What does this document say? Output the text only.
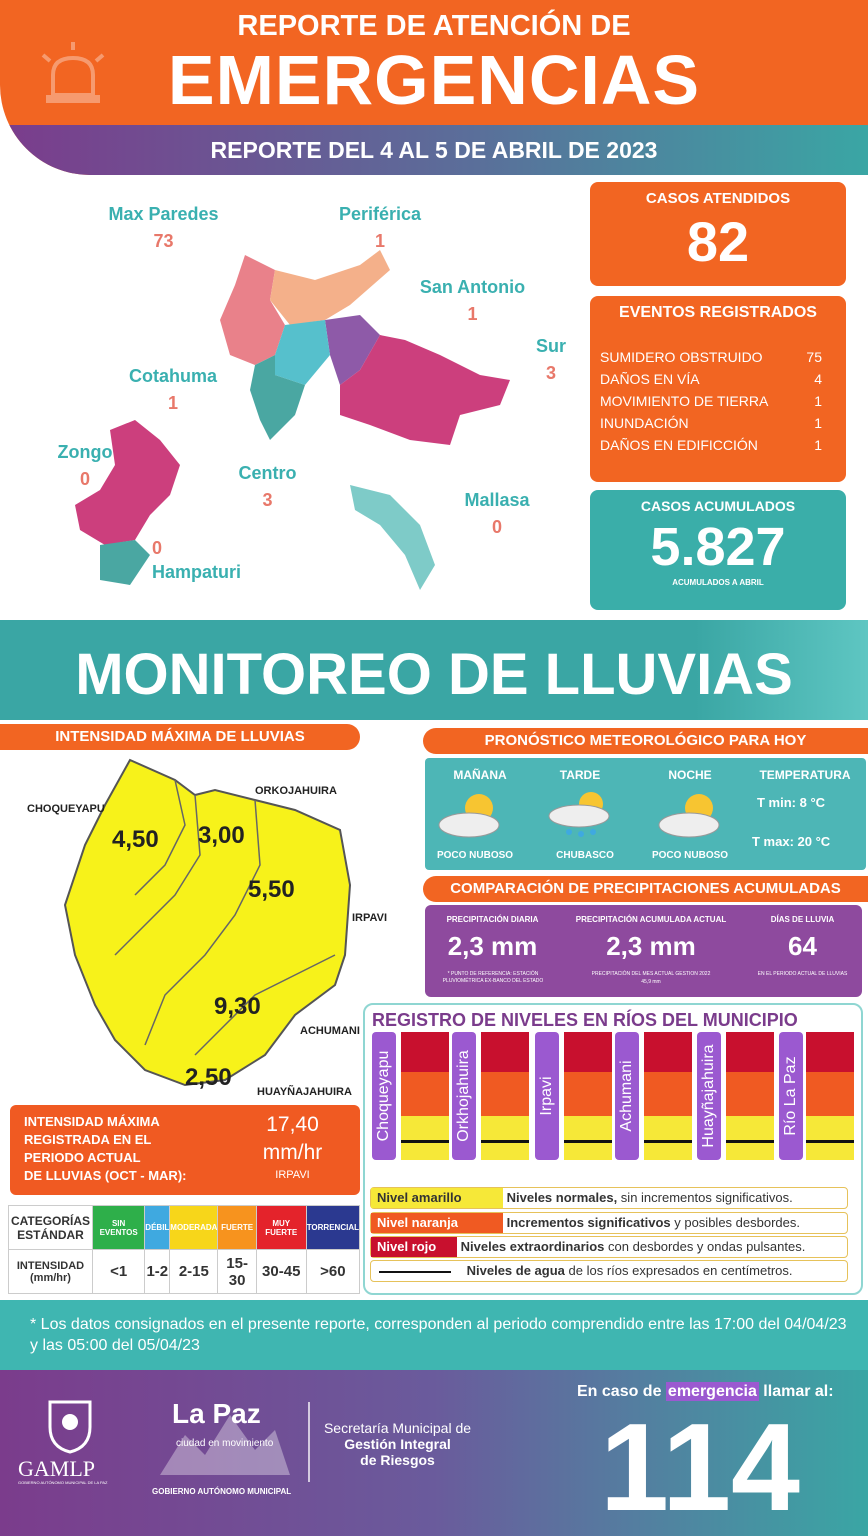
REPORTE DE ATENCIÓN DE
EMERGENCIAS
REPORTE DEL 4 AL 5 DE ABRIL DE 2023
Max Paredes
73
Periférica
1
San Antonio
1
Sur
3
Cotahuma
1
Zongo
0	Centro
3	Mallasa
0
0
Hampaturi
CASOS ATENDIDOS
82
EVENTOS REGISTRADOS
SUMIDERO OBSTRUIDO	75
DAÑOS EN VÍA	4
MOVIMIENTO DE TIERRA	1
INUNDACIÓN	1
DAÑOS EN EDIFICCIÓN	1
CASOS ACUMULADOS
5.827
ACUMULADOS A ABRIL
MONITOREO DE LLUVIAS
INTENSIDAD MÁXIMA DE LLUVIAS
CHOQUEYAPU
4,50
ORKOJAHUIRA
3,00
5,50
IRPAVI
9,30
ACHUMANI
2,50
HUAYÑAJAHUIRA
INTENSIDAD MÁXIMA
REGISTRADA EN EL
PERIODO ACTUAL
DE LLUVIAS (OCT - MAR):
17,40
mm/hr
IRPAVI
CATEGORÍAS ESTÁNDAR	SIN EVENTOS	DÉBIL	MODERADA	FUERTE	MUY FUERTE	TORRENCIAL
INTENSIDAD (mm/hr)	<1	1-2	2-15	15-30	30-45	>60
PRONÓSTICO METEOROLÓGICO PARA HOY
MAÑANA	TARDE	NOCHE	TEMPERATURA
POCO NUBOSO	CHUBASCO	POCO NUBOSO
T min: 8 °C
T max: 20 °C
COMPARACIÓN DE PRECIPITACIONES ACUMULADAS
PRECIPITACIÓN DIARIA
2,3 mm
* PUNTO DE REFERENCIA: ESTACIÓN PLUVIOMÉTRICA EX-BANCO DEL ESTADO
PRECIPITACIÓN ACUMULADA ACTUAL
2,3 mm
PRECIPITACIÓN DEL MES ACTUAL GESTION 2022
45,9 mm
DÍAS DE LLUVIA
64
EN EL PERIODO ACTUAL DE LLUVIAS
REGISTRO DE NIVELES EN RÍOS DEL MUNICIPIO
Choqueyapu	Orkhojahuira	Irpavi	Achumani	Huayñajahuira	Río La Paz
Nivel amarillo	Niveles normales, sin incrementos significativos.
Nivel naranja	Incrementos significativos y posibles desbordes.
Nivel rojo Niveles extraordinarios con desbordes y ondas pulsantes.
Niveles de agua de los ríos expresados en centímetros.
* Los datos consignados en el presente reporte, corresponden al periodo comprendido entre las 17:00 del 04/04/23 y las 05:00 del 05/04/23
GAMLP
GOBIERNO AUTÓNOMO MUNICIPAL DE LA PAZ
La Paz
ciudad en movimiento
GOBIERNO AUTÓNOMO MUNICIPAL
Secretaría Municipal de
Gestión Integral
de Riesgos
En caso de emergencia llamar al:
114
